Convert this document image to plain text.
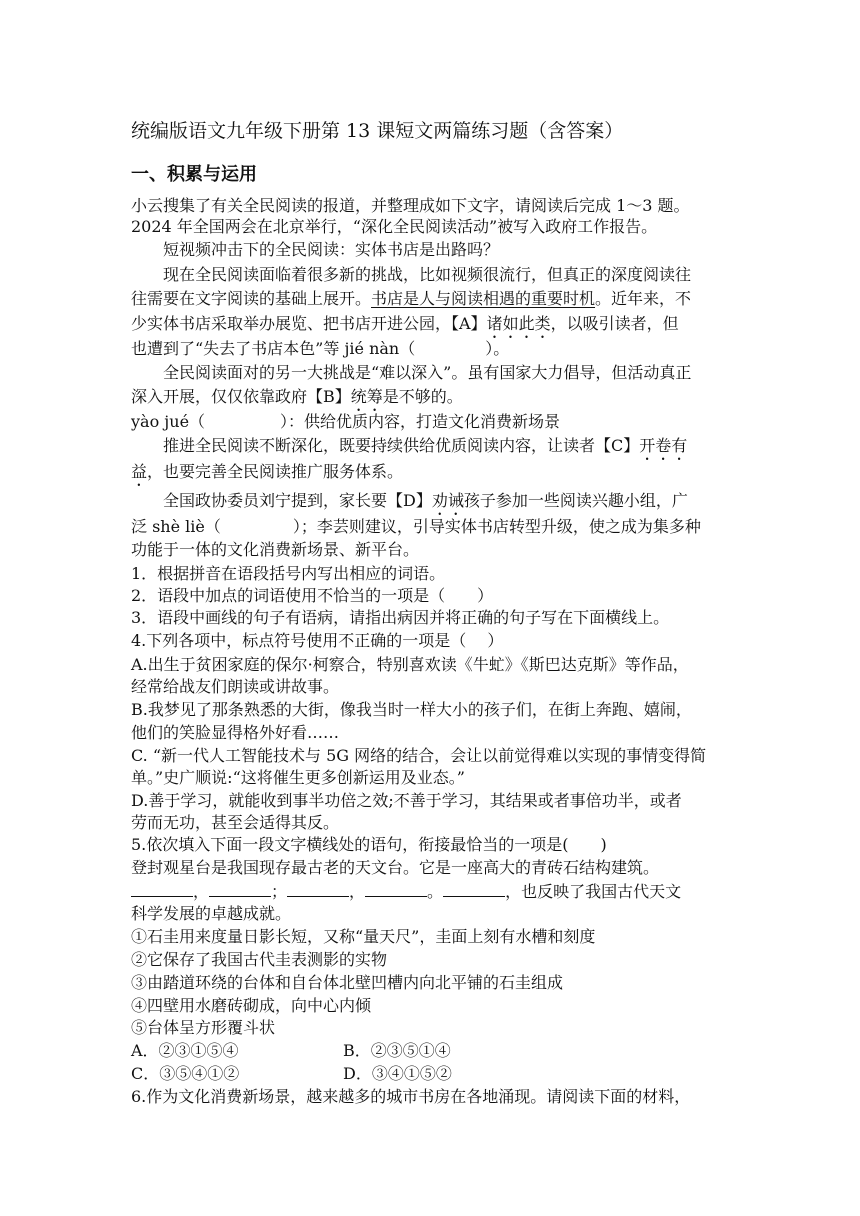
统编版语文九年级下册第 13 课短文两篇练习题（含答案）
一、积累与运用
小云搜集了有关全民阅读的报道，并整理成如下文字，请阅读后完成 1～3 题。
2024 年全国两会在北京举行，“深化全民阅读活动”被写入政府工作报告。
短视频冲击下的全民阅读：实体书店是出路吗？
现在全民阅读面临着很多新的挑战，比如视频很流行，但真正的深度阅读往
往需要在文字阅读的基础上展开。书店是人与阅读相遇的重要时机。近年来，不
少实体书店采取举办展览、把书店开进公园，【A】诸如此类，以吸引读者，但
也遭到了“失去了书店本色”等 jié nàn（	）。
全民阅读面对的另一大挑战是“难以深入”。虽有国家大力倡导，但活动真正
深入开展，仅仅依靠政府【B】统筹是不够的。
yào jué（	）：供给优质内容，打造文化消费新场景
推进全民阅读不断深化，既要持续供给优质阅读内容，让读者【C】开卷有
益，也要完善全民阅读推广服务体系。
全国政协委员刘宁提到，家长要【D】劝诫孩子参加一些阅读兴趣小组，广
泛 shè liè（	）；李芸则建议，引导实体书店转型升级，使之成为集多种
功能于一体的文化消费新场景、新平台。
1．根据拼音在语段括号内写出相应的词语。
2．语段中加点的词语使用不恰当的一项是（　　）
3．语段中画线的句子有语病，请指出病因并将正确的句子写在下面横线上。
4.下列各项中，标点符号使用不正确的一项是（　 ）
A.出生于贫困家庭的保尔·柯察合，特别喜欢读《牛虻》《斯巴达克斯》等作品，
经常给战友们朗读或讲故事。
B.我梦见了那条熟悉的大街，像我当时一样大小的孩子们，在街上奔跑、嬉闹，
他们的笑脸显得格外好看……
C. “新一代人工智能技术与 5G 网络的结合，会让以前觉得难以实现的事情变得简
单。”史广顺说:“这将催生更多创新运用及业态。”
D.善于学习，就能收到事半功倍之效;不善于学习，其结果或者事倍功半，或者
劳而无功，甚至会适得其反。
5.依次填入下面一段文字横线处的语句，衔接最恰当的一项是(　　)
登封观星台是我国现存最古老的天文台。它是一座高大的青砖石结构建筑。
，	；	，	。	，也反映了我国古代天文
科学发展的卓越成就。
①石圭用来度量日影长短，又称“量天尺”，圭面上刻有水槽和刻度
②它保存了我国古代圭表测影的实物
③由踏道环绕的台体和自台体北壁凹槽内向北平铺的石圭组成
④四壁用水磨砖砌成，向中心内倾
⑤台体呈方形覆斗状
A．②③①⑤④	B．②③⑤①④
C．③⑤④①②	D．③④①⑤②
6.作为文化消费新场景，越来越多的城市书房在各地涌现。请阅读下面的材料，
